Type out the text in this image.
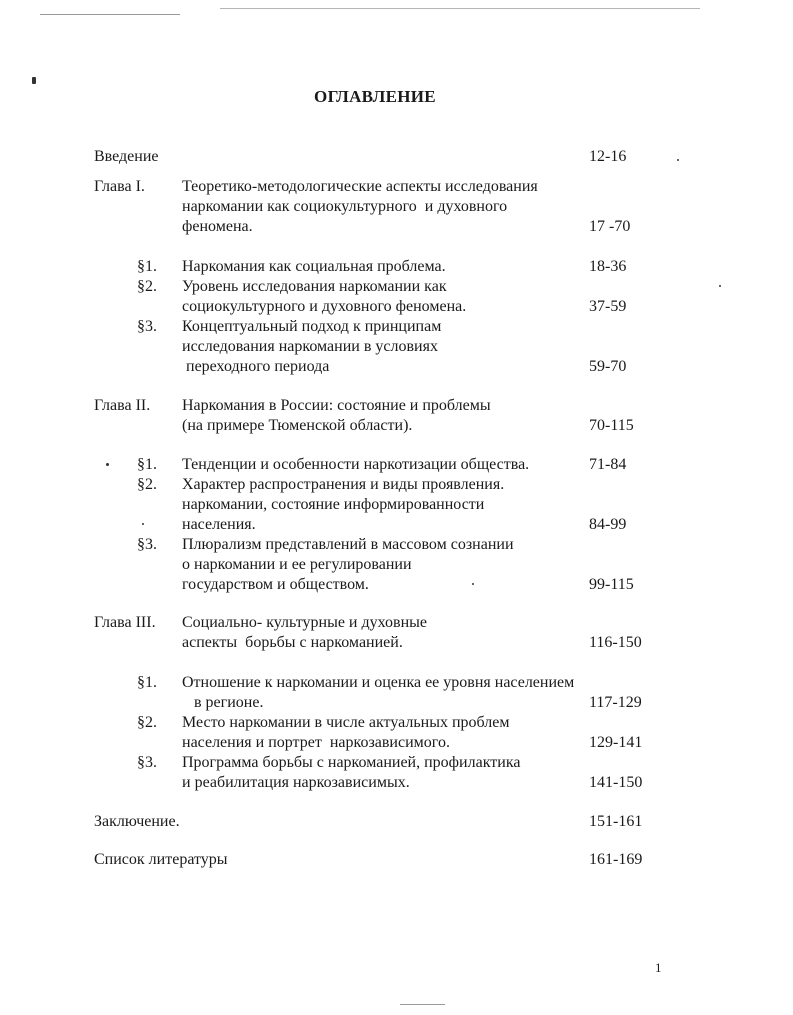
ОГЛАВЛЕНИЕ
Введение	12-16
Глава I. Теоретико-методологические аспекты исследования
наркомании как социокультурного  и духовного
феномена.	17 -70
§1. Наркомания как социальная проблема.	18-36
§2. Уровень исследования наркомании как
социокультурного и духовного феномена.	37-59
§3. Концептуальный подход к принципам
исследования наркомании в условиях
переходного периода	59-70
Глава II. Наркомания в России: состояние и проблемы
(на примере Тюменской области).	70-115
§1. Тенденции и особенности наркотизации общества.	71-84
§2. Характер распространения и виды проявления.
наркомании, состояние информированности
населения.	84-99
§3. Плюрализм представлений в массовом сознании
о наркомании и ее регулировании
государством и обществом.	99-115
Глава III. Социально- культурные и духовные
аспекты  борьбы с наркоманией.	116-150
§1. Отношение к наркомании и оценка ее уровня населением
в регионе.	117-129
§2. Место наркомании в числе актуальных проблем
населения и портрет  наркозависимого.	129-141
§3. Программа борьбы с наркоманией, профилактика
и реабилитация наркозависимых.	141-150
Заключение.	151-161
Список литературы	161-169
1
